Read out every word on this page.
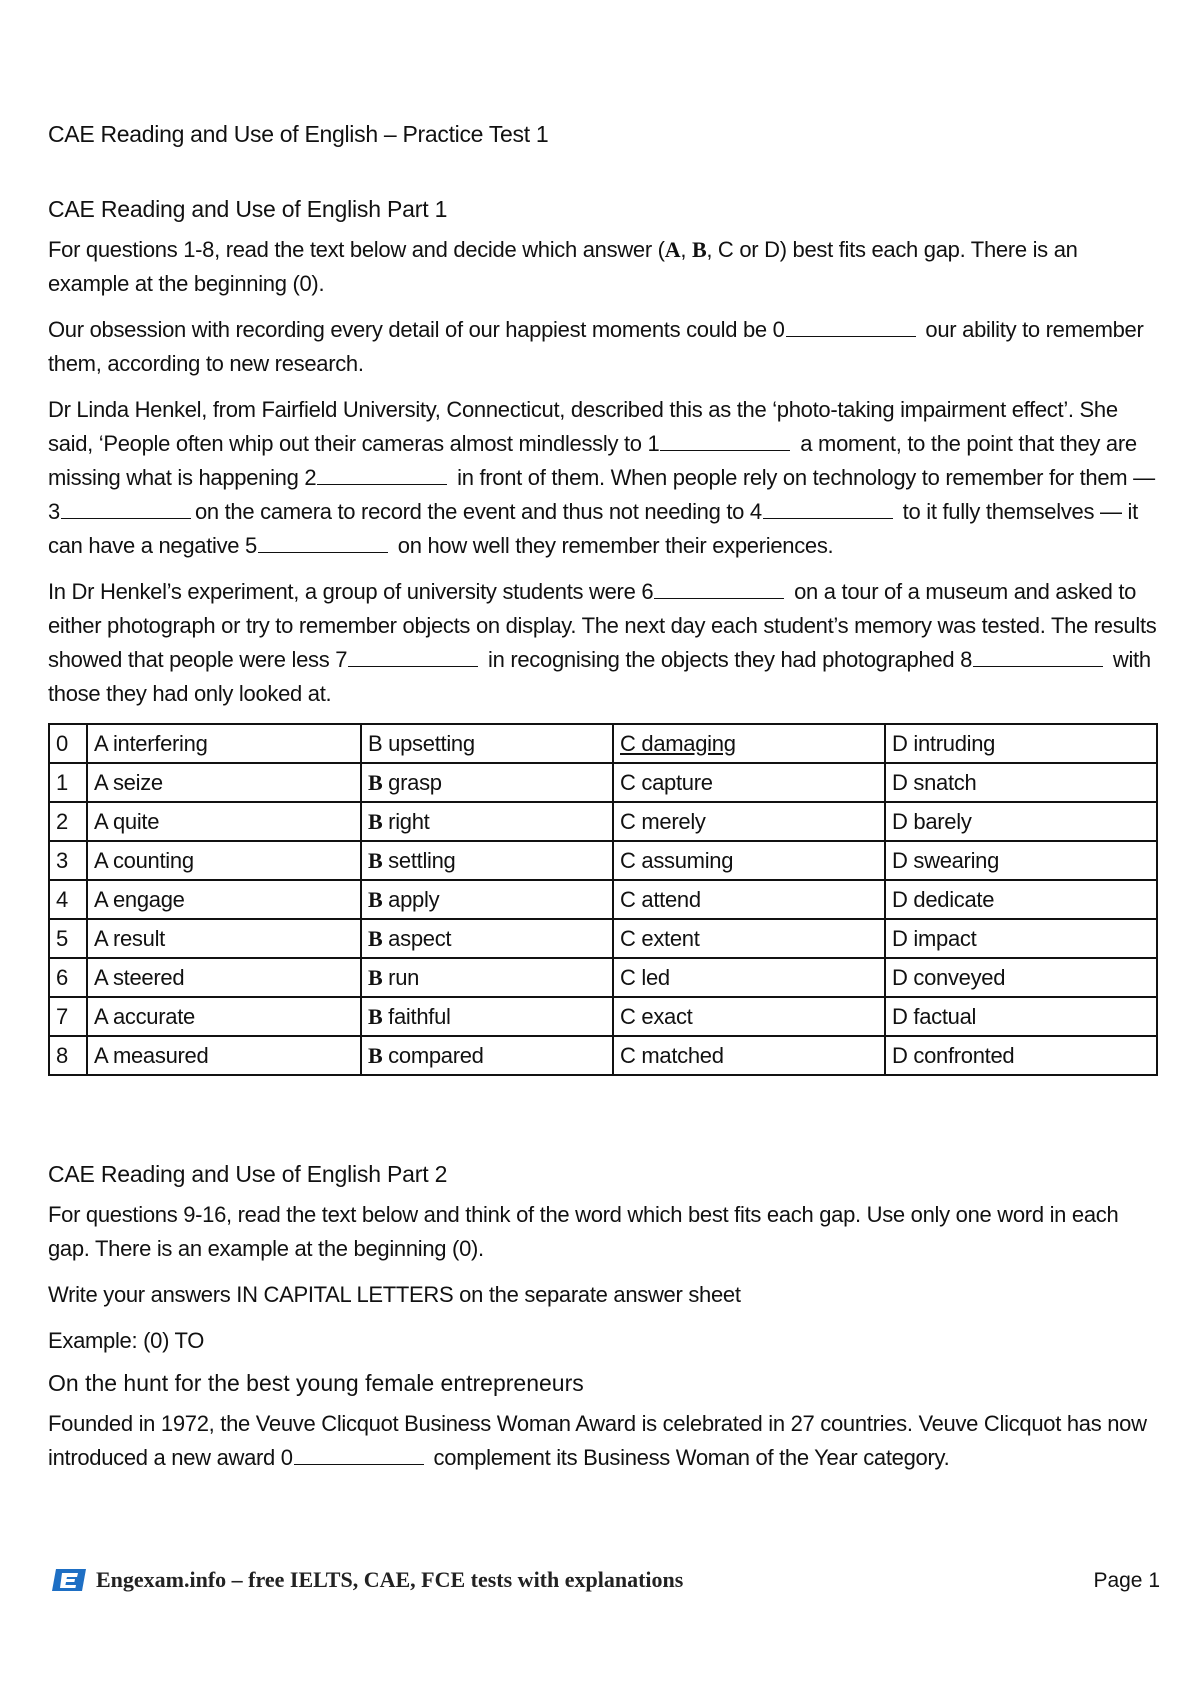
CAE Reading and Use of English – Practice Test 1
CAE Reading and Use of English Part 1

For questions 1-8, read the text below and decide which answer (A, B, C or D) best fits each gap. There is an example at the beginning (0).

Our obsession with recording every detail of our happiest moments could be 0	our ability to remember them, according to new research.

Dr Linda Henkel, from Fairfield University, Connecticut, described this as the ‘photo-taking impairment effect’. She said, ‘People often whip out their cameras almost mindlessly to 1	a moment, to the point that they are missing what is happening 2	in front of them. When people rely on technology to remember for them — 3	on the camera to record the event and thus not needing to 4	to it fully themselves — it can have a negative 5	on how well they remember their experiences.

In Dr Henkel’s experiment, a group of university students were 6	on a tour of a museum and asked to either photograph or try to remember objects on display. The next day each student’s memory was tested. The results showed that people were less 7	in recognising the objects they had photographed 8	with those they had only looked at.

0	A interfering	B upsetting	C damaging	D intruding
1	A seize	B grasp	C capture	D snatch
2	A quite	B right	C merely	D barely
3	A counting	B settling	C assuming	D swearing
4	A engage	B apply	C attend	D dedicate
5	A result	B aspect	C extent	D impact
6	A steered	B run	C led	D conveyed
7	A accurate	B faithful	C exact	D factual
8	A measured	B compared	C matched	D confronted
CAE Reading and Use of English Part 2

For questions 9-16, read the text below and think of the word which best fits each gap. Use only one word in each gap. There is an example at the beginning (0).

Write your answers IN CAPITAL LETTERS on the separate answer sheet

Example: (0) TO

On the hunt for the best young female entrepreneurs

Founded in 1972, the Veuve Clicquot Business Woman Award is celebrated in 27 countries. Veuve Clicquot has now introduced a new award 0	complement its Business Woman of the Year category.

Engexam.info – free IELTS, CAE, FCE tests with explanations	Page 1
